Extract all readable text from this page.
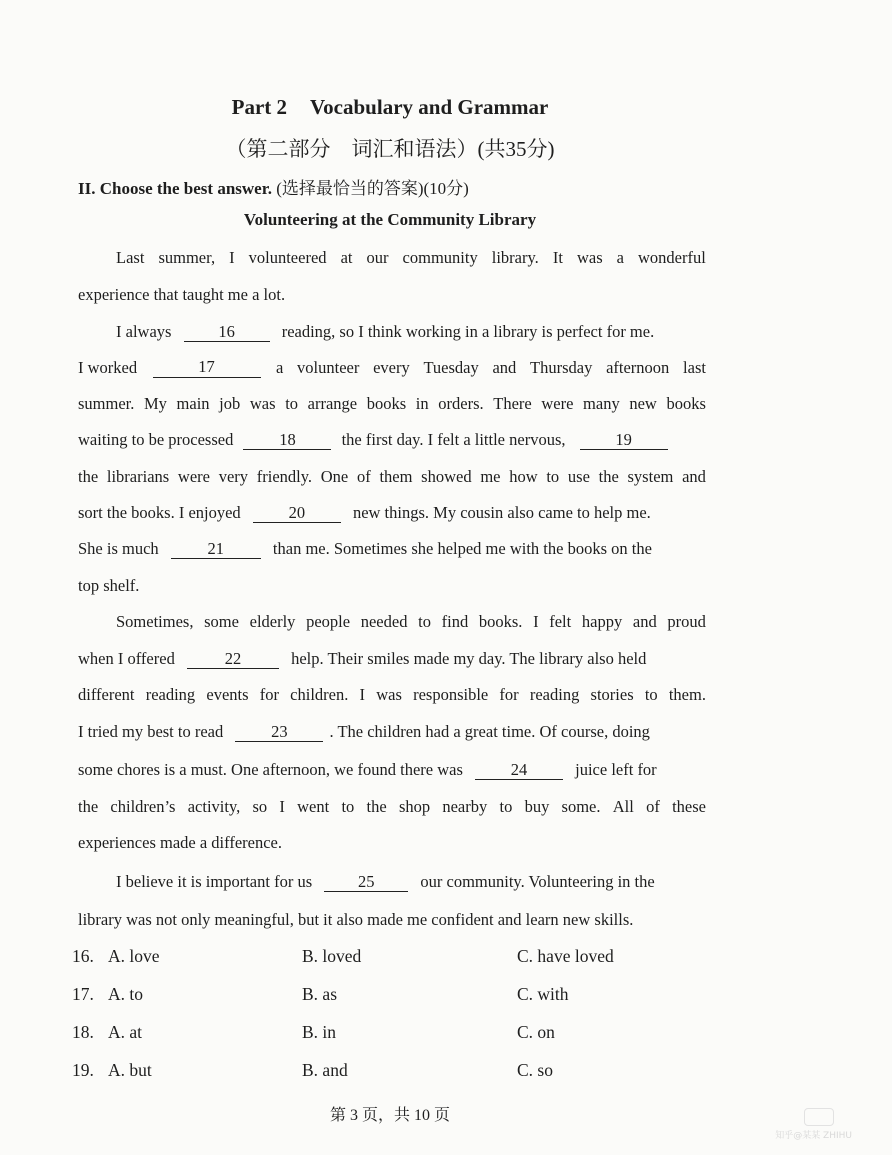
Part 2 Vocabulary and Grammar
（第二部分　词汇和语法）(共35分)
II. Choose the best answer. (选择最恰当的答案)(10分)
Volunteering at the Community Library
Last summer, I volunteered at our community library. It was a wonderful
experience that taught me a lot.
I always	16	reading, so I think working in a library is perfect for me.
I worked	17	a volunteer every Tuesday and Thursday afternoon last
summer. My main job was to arrange books in orders. There were many new books
waiting to be processed	18	the first day. I felt a little nervous,	19
the librarians were very friendly. One of them showed me how to use the system and
sort the books. I enjoyed	20	new things. My cousin also came to help me.
She is much	21	than me. Sometimes she helped me with the books on the
top shelf.
Sometimes, some elderly people needed to find books. I felt happy and proud
when I offered	22	help. Their smiles made my day. The library also held
different reading events for children. I was responsible for reading stories to them.
I tried my best to read	23	. The children had a great time. Of course, doing
some chores is a must. One afternoon, we found there was	24	juice left for
the children’s activity, so I went to the shop nearby to buy some. All of these
experiences made a difference.
I believe it is important for us	25	our community. Volunteering in the
library was not only meaningful, but it also made me confident and learn new skills.
16. A. love	B. loved	C. have loved
17. A. to	B. as	C. with
18. A. at	B. in	C. on
19. A. but	B. and	C. so
第 3 页，共 10 页
知乎@某某 ZHIHU
